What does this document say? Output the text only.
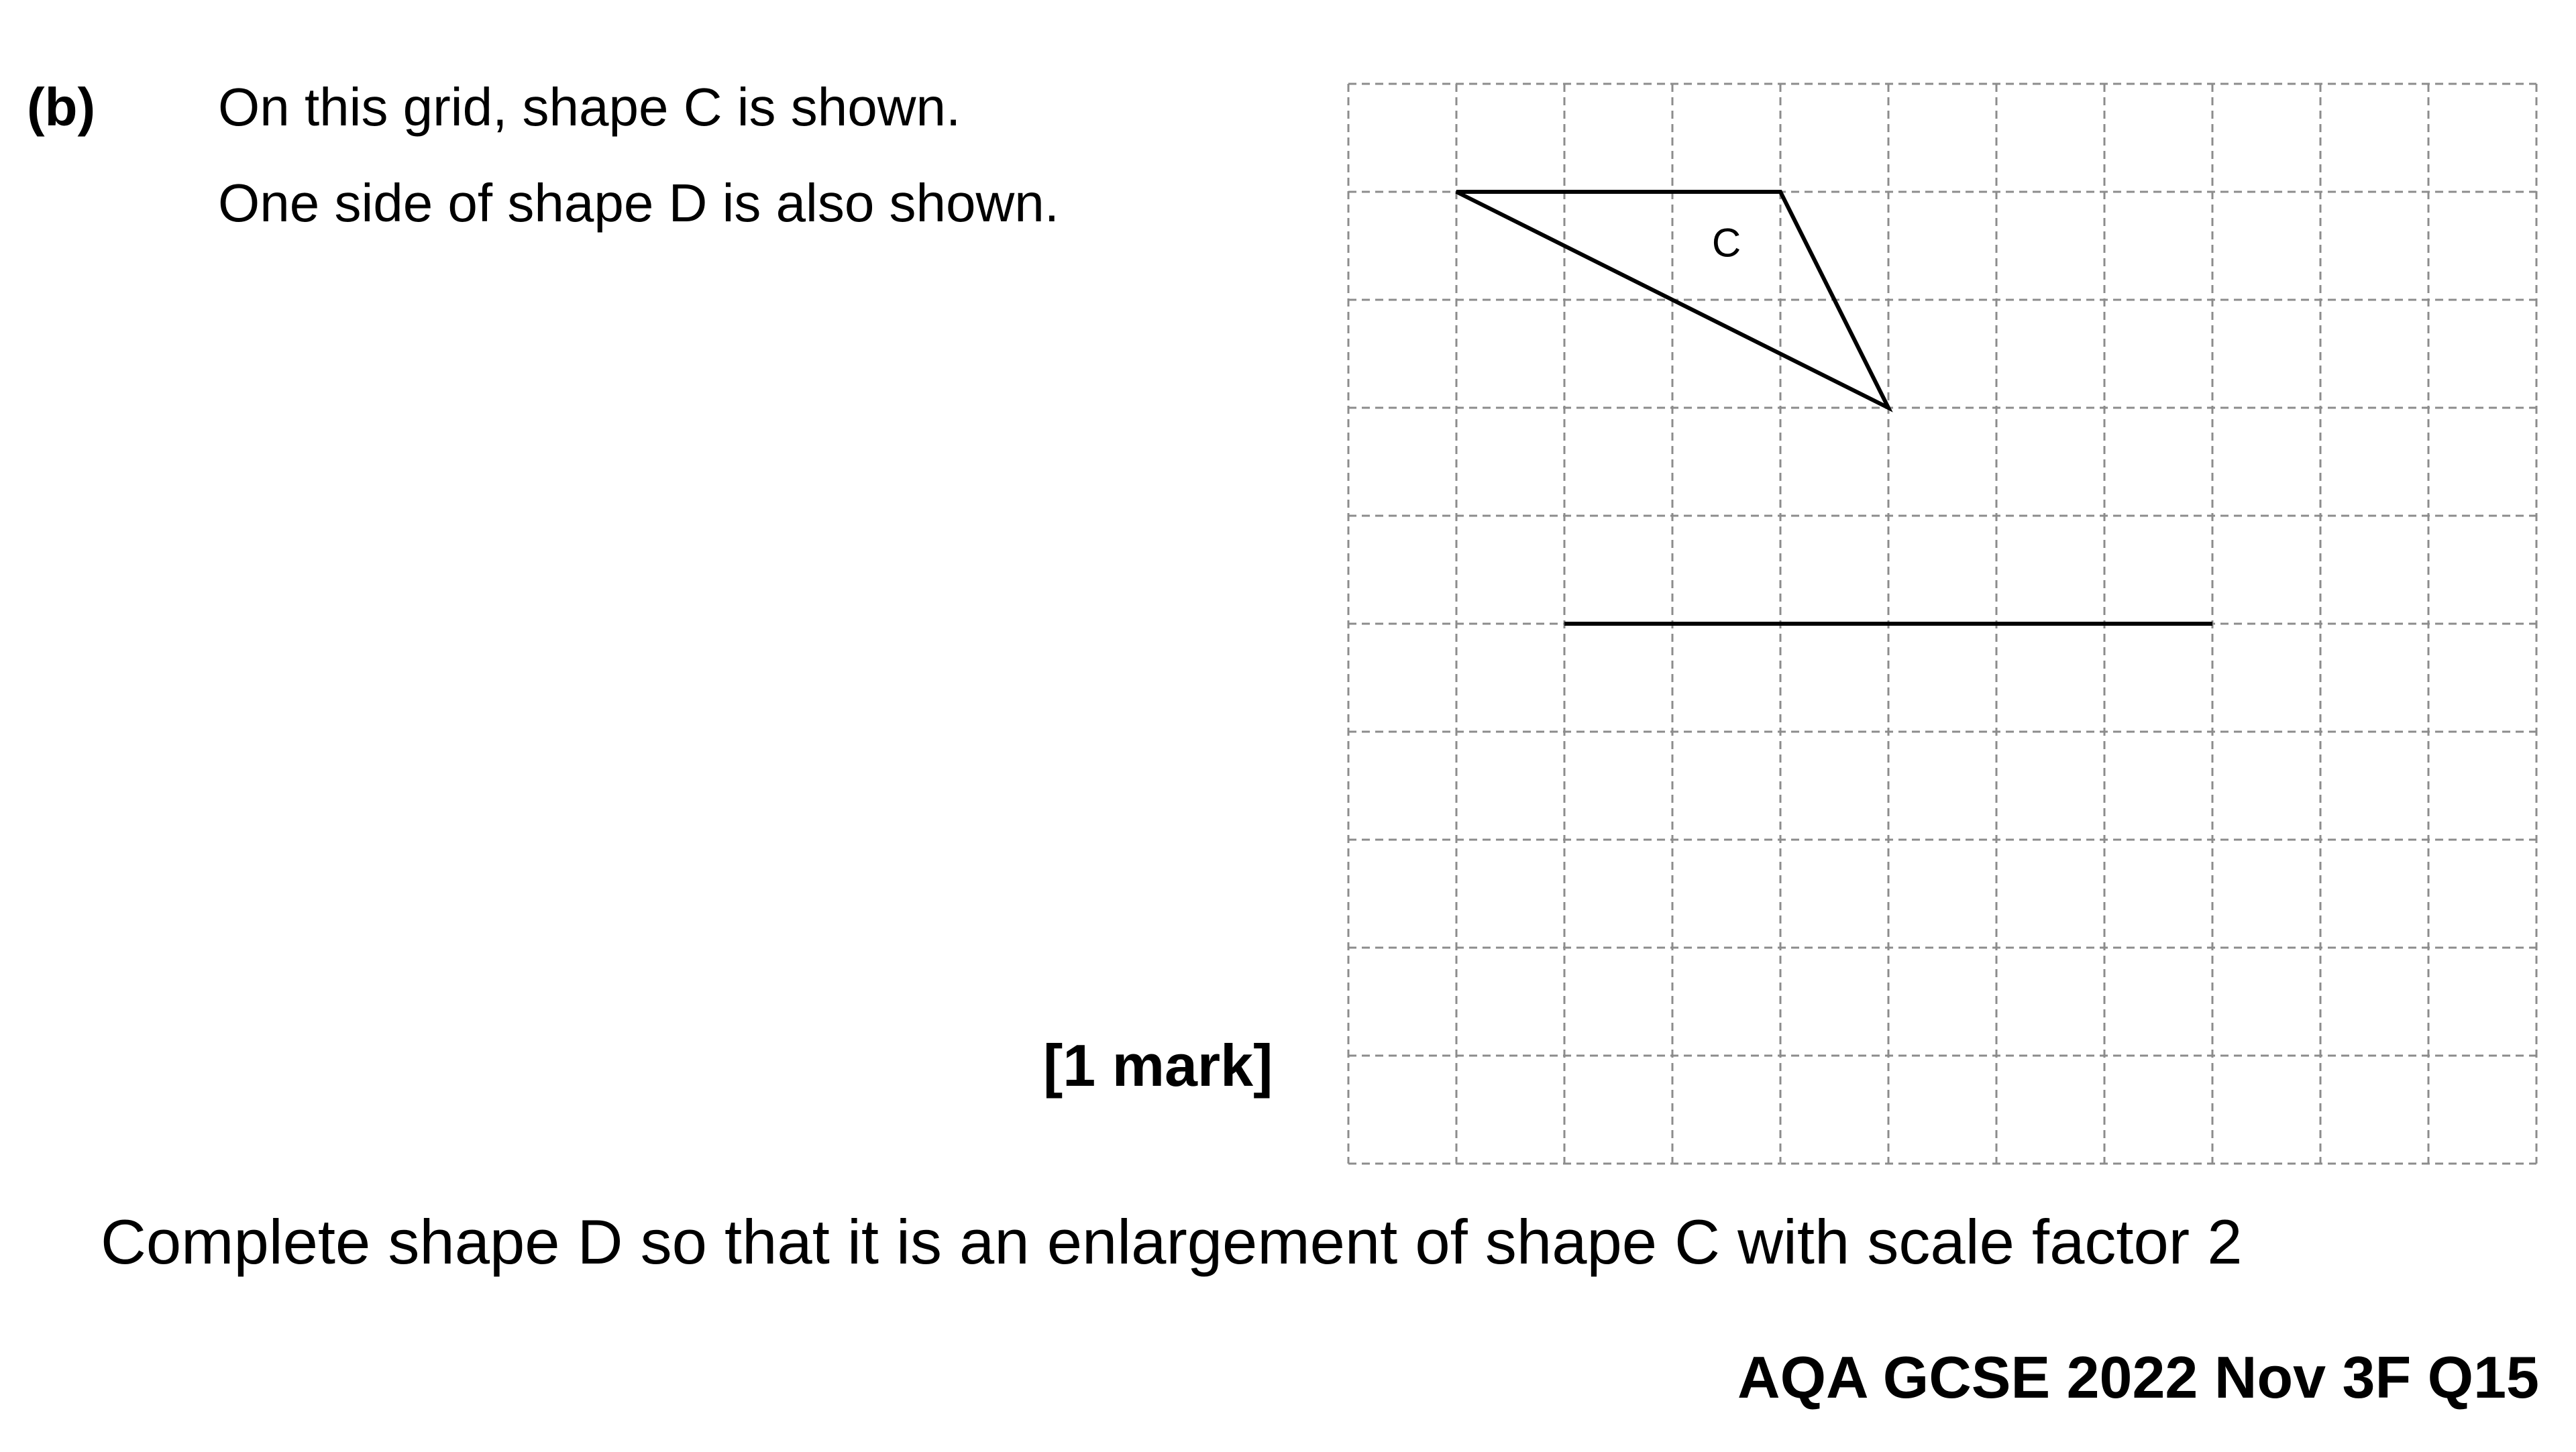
(b) On this grid, shape C is shown.
One side of shape D is also shown.
C
[1 mark]
Complete shape D so that it is an enlargement of shape C with scale factor 2
AQA GCSE 2022 Nov 3F Q15
